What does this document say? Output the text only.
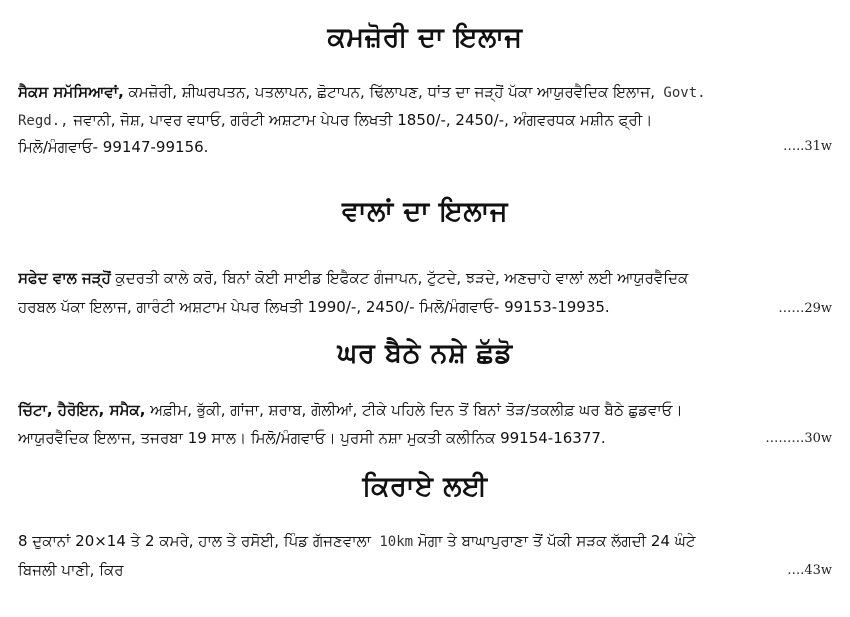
ਕਮਜ਼ੋਰੀ ਦਾ ਇਲਾਜ
ਸੈਕਸ ਸਮੱਸਿਆਵਾਂ, ਕਮਜ਼ੋਰੀ, ਸ਼ੀਘਰਪਤਨ, ਪਤਲਾਪਨ, ਛੋਟਾਪਨ, ਢਿੱਲਾਪਣ, ਧਾਂਤ ਦਾ ਜੜ੍ਹੋਂ ਪੱਕਾ ਆਯੁਰਵੈਦਿਕ ਇਲਾਜ, Govt.
Regd., ਜਵਾਨੀ, ਜੋਸ਼, ਪਾਵਰ ਵਧਾਓ, ਗਰੰਟੀ ਅਸ਼ਟਾਮ ਪੇਪਰ ਲਿਖਤੀ 1850/-, 2450/-, ਅੰਗਵਰਧਕ ਮਸ਼ੀਨ ਫ੍ਰੀ।
ਮਿਲੋ/ਮੰਗਵਾਓ- 99147-99156.	…..31w
ਵਾਲਾਂ ਦਾ ਇਲਾਜ
ਸਫੇਦ ਵਾਲ ਜੜ੍ਹੋਂ ਕੁਦਰਤੀ ਕਾਲੇ ਕਰੋ, ਬਿਨਾਂ ਕੋਈ ਸਾਈਡ ਇਫੈਕਟ ਗੰਜਾਪਨ, ਟੁੱਟਦੇ, ਝੜਦੇ, ਅਣਚਾਹੇ ਵਾਲਾਂ ਲਈ ਆਯੁਰਵੈਦਿਕ
ਹਰਬਲ ਪੱਕਾ ਇਲਾਜ, ਗਾਰੰਟੀ ਅਸ਼ਟਾਮ ਪੇਪਰ ਲਿਖਤੀ 1990/-, 2450/- ਮਿਲੋ/ਮੰਗਵਾਓ- 99153-19935.	……29w
ਘਰ ਬੈਠੇ ਨਸ਼ੇ ਛੱਡੋ
ਚਿੱਟਾ, ਹੈਰੋਇਨ, ਸਮੈਕ, ਅਫ਼ੀਮ, ਭੁੱਕੀ, ਗਾਂਜਾ, ਸ਼ਰਾਬ, ਗੋਲੀਆਂ, ਟੀਕੇ ਪਹਿਲੇ ਦਿਨ ਤੋਂ ਬਿਨਾਂ ਤੋੜ/ਤਕਲੀਫ਼ ਘਰ ਬੈਠੇ ਛੁਡਵਾਓ।
ਆਯੁਰਵੈਦਿਕ ਇਲਾਜ, ਤਜਰਬਾ 19 ਸਾਲ। ਮਿਲੋ/ਮੰਗਵਾਓ। ਪੁਰਸੀ ਨਸ਼ਾ ਮੁਕਤੀ ਕਲੀਨਿਕ 99154-16377.	………30w
ਕਿਰਾਏ ਲਈ
8 ਦੁਕਾਨਾਂ 20×14 ਤੇ 2 ਕਮਰੇ, ਹਾਲ ਤੇ ਰਸੋਈ, ਪਿੰਡ ਗੱਜਣਵਾਲਾ 10km ਮੋਗਾ ਤੇ ਬਾਘਾਪੁਰਾਣਾ ਤੋਂ ਪੱਕੀ ਸੜਕ ਲੱਗਦੀ 24 ਘੰਟੇ
ਬਿਜਲੀ ਪਾਣੀ, ਕਿਰ	….43w
